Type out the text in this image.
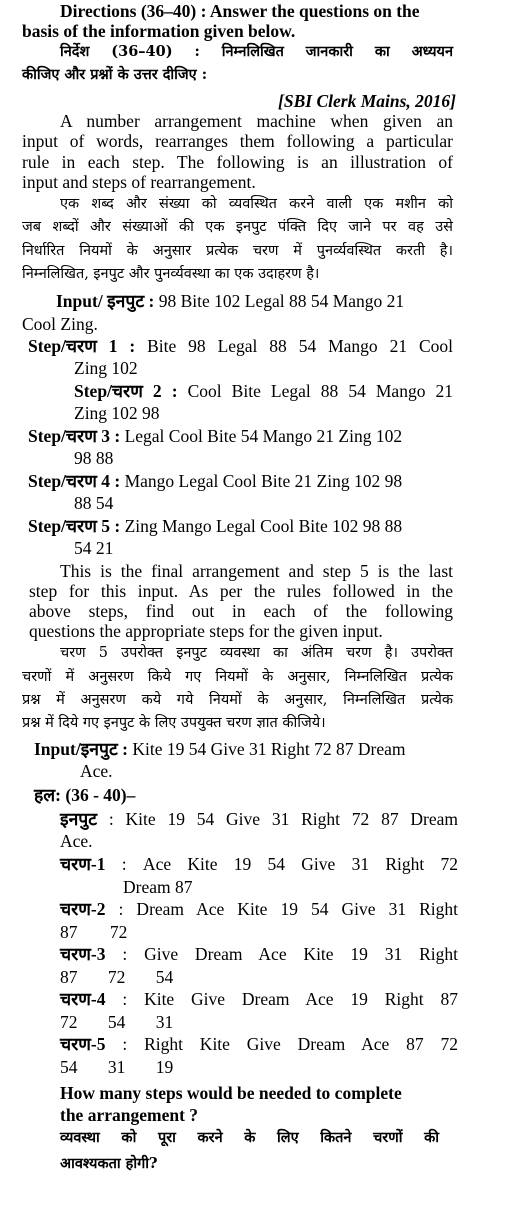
Directions (36–40) : Answer the questions on the
basis of the information given below.
निर्देश (36–40) : निम्नलिखित जानकारी का अध्ययन
कीजिए और प्रश्नों के उत्तर दीजिए :
[SBI Clerk Mains, 2016]
A number arrangement machine when given an
input of words, rearranges them following a particular
rule in each step. The following is an illustration of
input and steps of rearrangement.
एक शब्द और संख्या को व्यवस्थित करने वाली एक मशीन को
जब शब्दों और संख्याओं की एक इनपुट पंक्ति दिए जाने पर वह उसे
निर्धारित नियमों के अनुसार प्रत्येक चरण में पुनर्व्यवस्थित करती है।
निम्नलिखित, इनपुट और पुनर्व्यवस्था का एक उदाहरण है।
Input/ इनपुट : 98 Bite 102 Legal 88 54 Mango 21
Cool Zing.
Step/चरण 1 : Bite 98 Legal 88 54 Mango 21 Cool
Zing 102
Step/चरण 2 : Cool Bite Legal 88 54 Mango 21
Zing 102 98
Step/चरण 3 : Legal Cool Bite 54 Mango 21 Zing 102
98 88
Step/चरण 4 : Mango Legal Cool Bite 21 Zing 102 98
88 54
Step/चरण 5 : Zing Mango Legal Cool Bite 102 98 88
54 21
This is the final arrangement and step 5 is the last
step for this input. As per the rules followed in the
above steps, find out in each of the following
questions the appropriate steps for the given input.
चरण 5 उपरोक्त इनपुट व्यवस्था का अंतिम चरण है। उपरोक्त
चरणों में अनुसरण किये गए नियमों के अनुसार, निम्नलिखित प्रत्येक
प्रश्न में अनुसरण कये गये नियमों के अनुसार, निम्नलिखित प्रत्येक
प्रश्न में दिये गए इनपुट के लिए उपयुक्त चरण ज्ञात कीजिये।
Input/इनपुट : Kite 19 54 Give 31 Right 72 87 Dream
Ace.
हल: (36 - 40)–
इनपुट : Kite 19 54 Give 31 Right 72 87 Dream
Ace.
चरण-1 : Ace Kite 19 54 Give 31 Right 72
Dream 87
चरण-2 : Dream Ace Kite 19 54 Give 31 Right
87 72
चरण-3 : Give Dream Ace Kite 19 31 Right
87 72 54
चरण-4 : Kite Give Dream Ace 19 Right 87
72 54 31
चरण-5 : Right Kite Give Dream Ace 87 72
54 31 19
How many steps would be needed to complete
the arrangement ?
व्यवस्था को पूरा करने के लिए कितने चरणों की
आवश्यकता होगी?
